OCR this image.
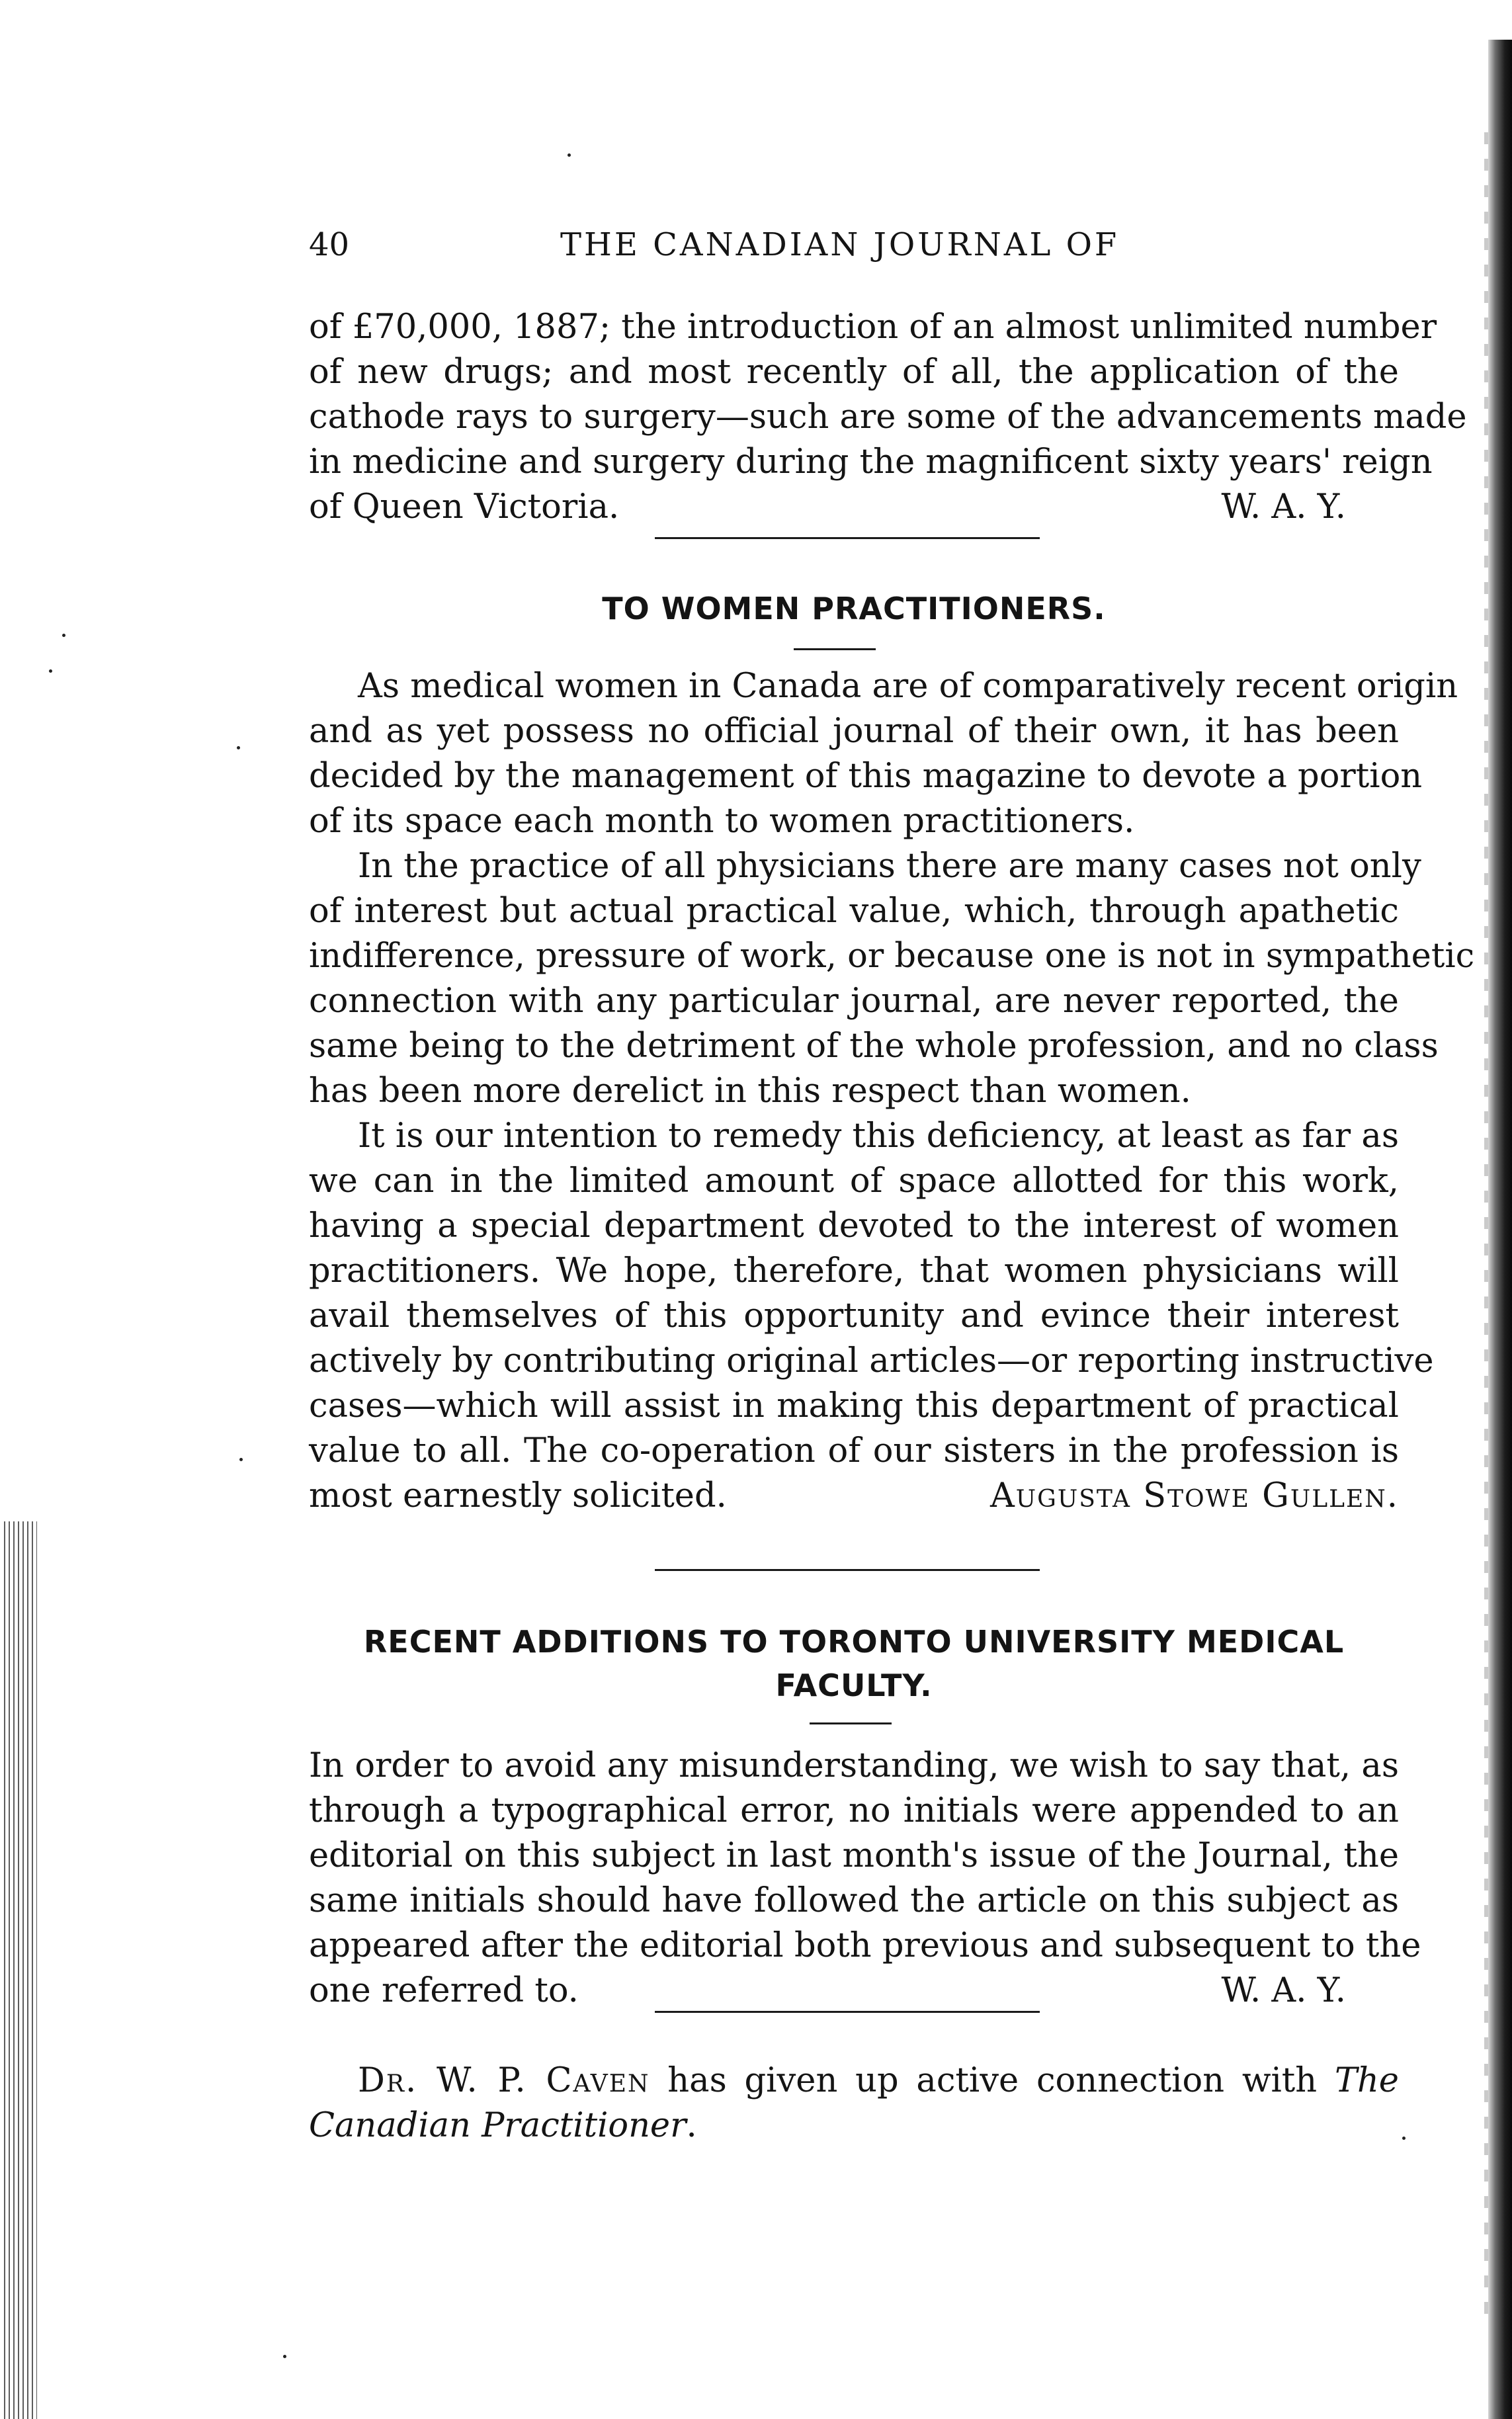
40	THE CANADIAN JOURNAL OF
of £70,000, 1887; the introduction of an almost unlimited number
of new drugs; and most recently of all, the application of the
cathode rays to surgery—such are some of the advancements made
in medicine and surgery during the magnificent sixty years' reign
of Queen Victoria.	W. A. Y.
TO WOMEN PRACTITIONERS.
As medical women in Canada are of comparatively recent origin
and as yet possess no official journal of their own, it has been
decided by the management of this magazine to devote a portion
of its space each month to women practitioners.
In the practice of all physicians there are many cases not only
of interest but actual practical value, which, through apathetic
indifference, pressure of work, or because one is not in sympathetic
connection with any particular journal, are never reported, the
same being to the detriment of the whole profession, and no class
has been more derelict in this respect than women.
It is our intention to remedy this deficiency, at least as far as
we can in the limited amount of space allotted for this work,
having a special department devoted to the interest of women
practitioners. We hope, therefore, that women physicians will
avail themselves of this opportunity and evince their interest
actively by contributing original articles—or reporting instructive
cases—which will assist in making this department of practical
value to all. The co-operation of our sisters in the profession is
most earnestly solicited.	Augusta Stowe Gullen.
RECENT ADDITIONS TO TORONTO UNIVERSITY MEDICAL
FACULTY.
In order to avoid any misunderstanding, we wish to say that, as
through a typographical error, no initials were appended to an
editorial on this subject in last month's issue of the Journal, the
same initials should have followed the article on this subject as
appeared after the editorial both previous and subsequent to the
one referred to.	W. A. Y.
Dr. W. P. Caven has given up active connection with The
Canadian Practitioner.
